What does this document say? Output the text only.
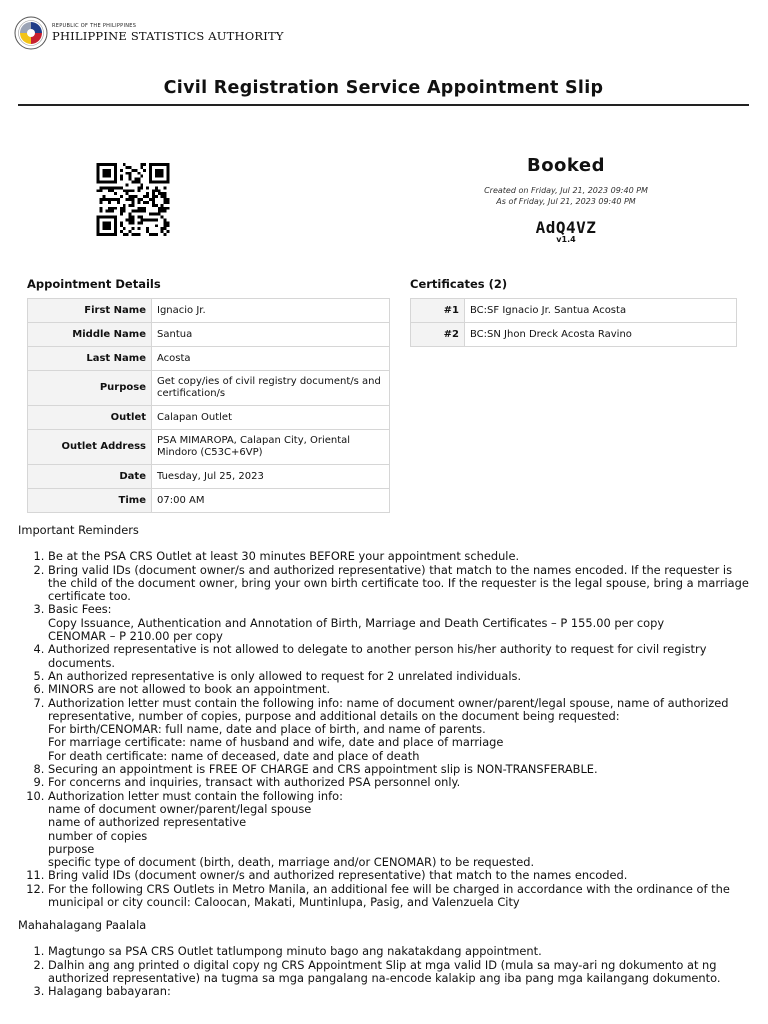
REPUBLIC OF THE PHILIPPINES
PHILIPPINE STATISTICS AUTHORITY
Civil Registration Service Appointment Slip
Booked
Created on Friday, Jul 21, 2023 09:40 PM
As of Friday, Jul 21, 2023 09:40 PM
AdQ4VZ
v1.4
Appointment Details
First Name	Ignacio Jr.
Middle Name	Santua
Last Name	Acosta
Purpose	Get copy/ies of civil registry document/s and certification/s
Outlet	Calapan Outlet
Outlet Address	PSA MIMAROPA, Calapan City, Oriental Mindoro (C53C+6VP)
Date	Tuesday, Jul 25, 2023
Time	07:00 AM
Certificates (2)
#1	BC:SF Ignacio Jr. Santua Acosta
#2	BC:SN Jhon Dreck Acosta Ravino
Important Reminders
1. Be at the PSA CRS Outlet at least 30 minutes BEFORE your appointment schedule.
2. Bring valid IDs (document owner/s and authorized representative) that match to the names encoded. If the requester is the child of the document owner, bring your own birth certificate too. If the requester is the legal spouse, bring a marriage certificate too.
3. Basic Fees:
Copy Issuance, Authentication and Annotation of Birth, Marriage and Death Certificates – P 155.00 per copy
CENOMAR – P 210.00 per copy
4. Authorized representative is not allowed to delegate to another person his/her authority to request for civil registry documents.
5. An authorized representative is only allowed to request for 2 unrelated individuals.
6. MINORS are not allowed to book an appointment.
7. Authorization letter must contain the following info: name of document owner/parent/legal spouse, name of authorized representative, number of copies, purpose and additional details on the document being requested:
For birth/CENOMAR: full name, date and place of birth, and name of parents.
For marriage certificate: name of husband and wife, date and place of marriage
For death certificate: name of deceased, date and place of death
8. Securing an appointment is FREE OF CHARGE and CRS appointment slip is NON-TRANSFERABLE.
9. For concerns and inquiries, transact with authorized PSA personnel only.
10. Authorization letter must contain the following info:
name of document owner/parent/legal spouse
name of authorized representative
number of copies
purpose
specific type of document (birth, death, marriage and/or CENOMAR) to be requested.
11. Bring valid IDs (document owner/s and authorized representative) that match to the names encoded.
12. For the following CRS Outlets in Metro Manila, an additional fee will be charged in accordance with the ordinance of the municipal or city council: Caloocan, Makati, Muntinlupa, Pasig, and Valenzuela City
Mahahalagang Paalala
1. Magtungo sa PSA CRS Outlet tatlumpong minuto bago ang nakatakdang appointment.
2. Dalhin ang ang printed o digital copy ng CRS Appointment Slip at mga valid ID (mula sa may-ari ng dokumento at ng authorized representative) na tugma sa mga pangalang na-encode kalakip ang iba pang mga kailangang dokumento.
3. Halagang babayaran:
